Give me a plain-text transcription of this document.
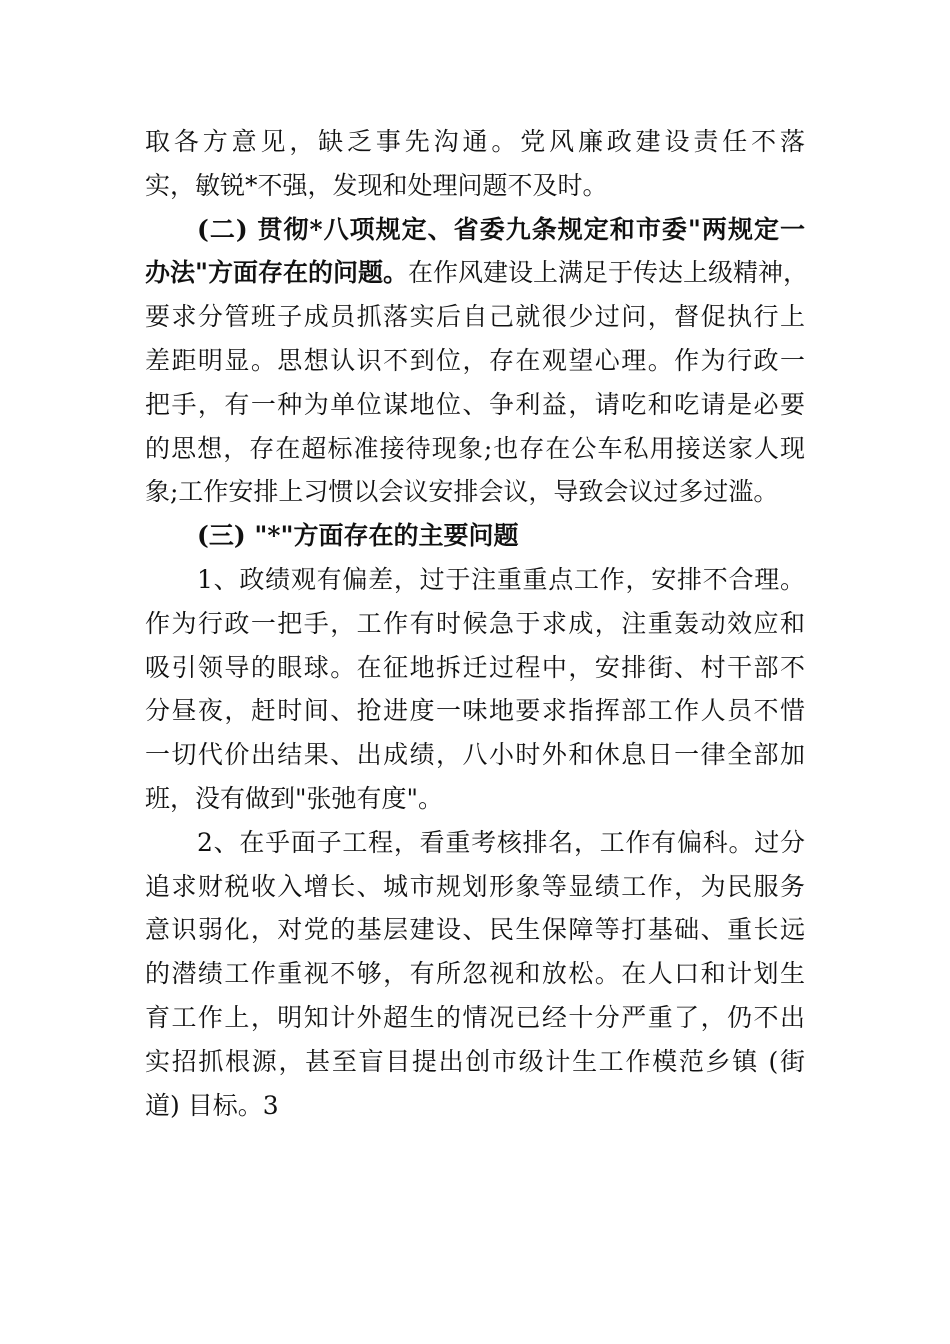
取各方意见，缺乏事先沟通。党风廉政建设责任不落
实，敏锐*不强，发现和处理问题不及时。
(二) 贯彻*八项规定、省委九条规定和市委"两规定一
办法"方面存在的问题。在作风建设上满足于传达上级精神，
要求分管班子成员抓落实后自己就很少过问，督促执行上
差距明显。思想认识不到位，存在观望心理。作为行政一
把手，有一种为单位谋地位、争利益，请吃和吃请是必要
的思想，存在超标准接待现象;也存在公车私用接送家人现
象;工作安排上习惯以会议安排会议，导致会议过多过滥。
(三) "*"方面存在的主要问题
1、政绩观有偏差，过于注重重点工作，安排不合理。
作为行政一把手，工作有时候急于求成，注重轰动效应和
吸引领导的眼球。在征地拆迁过程中，安排街、村干部不
分昼夜，赶时间、抢进度一味地要求指挥部工作人员不惜
一切代价出结果、出成绩，八小时外和休息日一律全部加
班，没有做到"张弛有度"。
2、在乎面子工程，看重考核排名，工作有偏科。过分
追求财税收入增长、城市规划形象等显绩工作，为民服务
意识弱化，对党的基层建设、民生保障等打基础、重长远
的潜绩工作重视不够，有所忽视和放松。在人口和计划生
育工作上，明知计外超生的情况已经十分严重了，仍不出
实招抓根源，甚至盲目提出创市级计生工作模范乡镇 (街
道) 目标。3
